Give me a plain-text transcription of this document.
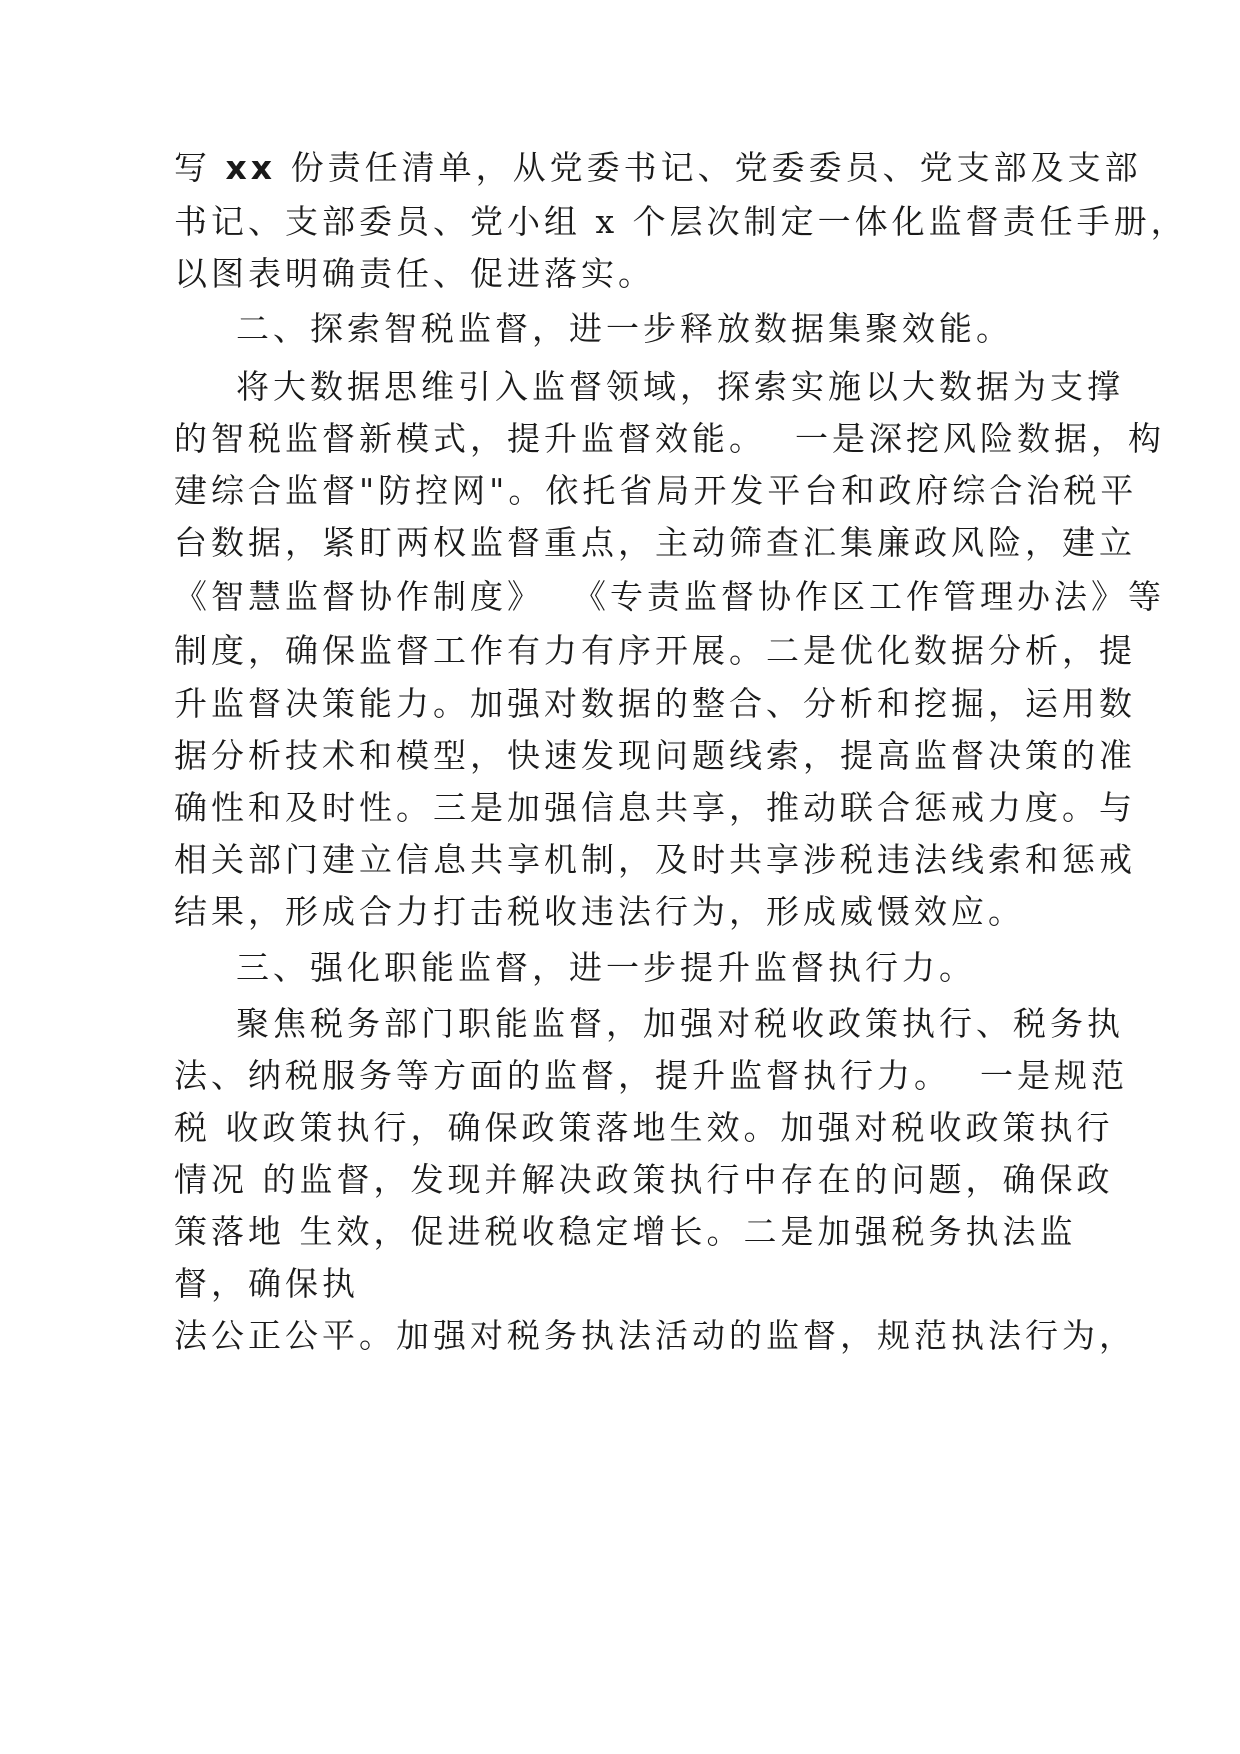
写 xx 份责任清单，从党委书记、党委委员、党支部及支部
书记、支部委员、党小组 x 个层次制定一体化监督责任手册，
以图表明确责任、促进落实。
二、探索智税监督，进一步释放数据集聚效能。
将大数据思维引入监督领域，探索实施以大数据为支撑
的智税监督新模式，提升监督效能。  一是深挖风险数据，构
建综合监督"防控网"。依托省局开发平台和政府综合治税平
台数据，紧盯两权监督重点，主动筛查汇集廉政风险，建立
《智慧监督协作制度》  《专责监督协作区工作管理办法》等
制度，确保监督工作有力有序开展。二是优化数据分析，提
升监督决策能力。加强对数据的整合、分析和挖掘，运用数
据分析技术和模型，快速发现问题线索，提高监督决策的准
确性和及时性。三是加强信息共享，推动联合惩戒力度。与
相关部门建立信息共享机制，及时共享涉税违法线索和惩戒
结果，形成合力打击税收违法行为，形成威慑效应。
三、强化职能监督，进一步提升监督执行力。
聚焦税务部门职能监督，加强对税收政策执行、税务执
法、纳税服务等方面的监督，提升监督执行力。  一是规范
税 收政策执行，确保政策落地生效。加强对税收政策执行
情况 的监督，发现并解决政策执行中存在的问题，确保政
策落地 生效，促进税收稳定增长。二是加强税务执法监
督，确保执
法公正公平。加强对税务执法活动的监督，规范执法行为，
